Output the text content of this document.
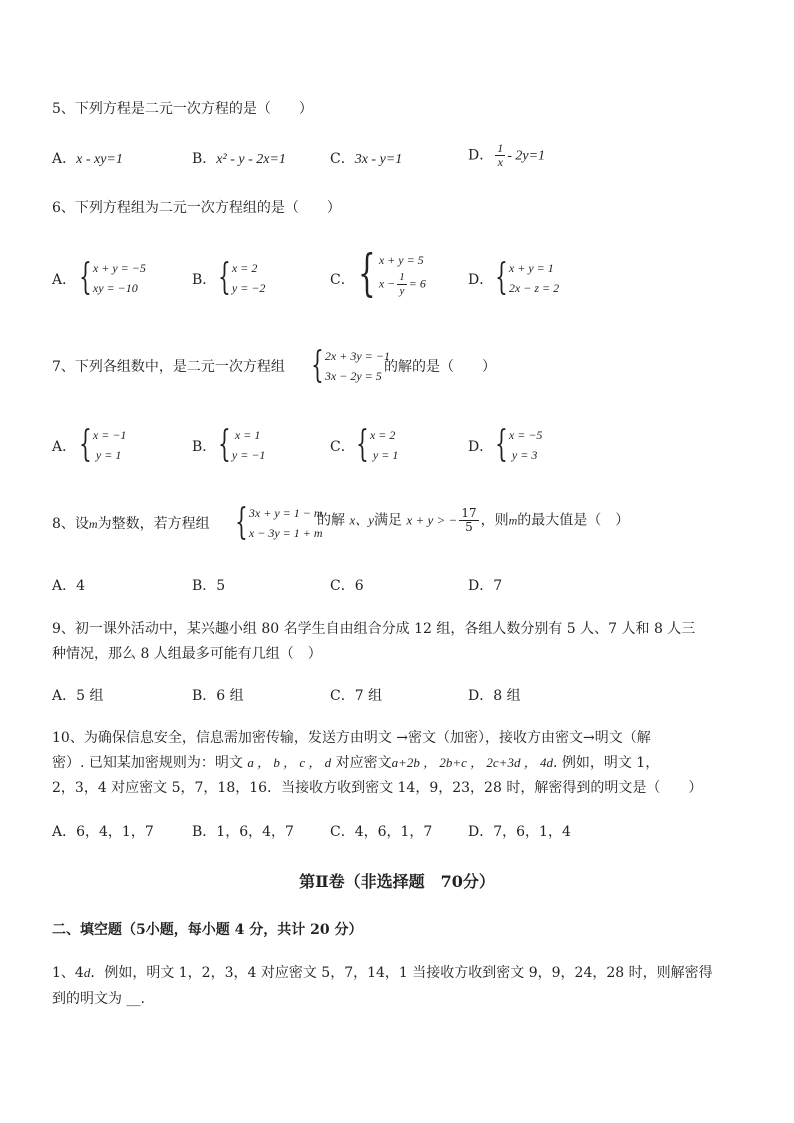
5、下列方程是二元一次方程的是（　　）
A．x - xy=1	B．x² - y - 2x=1	C．3x - y=1	D． $\frac{1}{x} - 2y=1$
6、下列方程组为二元一次方程组的是（　　）
A． { x + y = −5
xy = −10	B． { x = 2
y = −2	C． { x + y = 5
$x - \frac{1}{y} = 6$	D． { x + y = 1
2x − z = 2
7、下列各组数中，是二元一次方程组 { 2x + 3y = −1
3x − 2y = 5
的解的是（　　）
A． { x = −1
y = 1	B． { x = 1
y = −1	C． { x = 2
y = 1	D． { x = −5
y = 3
8、设m为整数，若方程组 { 3x + y = 1 − m
x − 3y = 1 + m
的解 x、y满足 x + y > − $\frac{17}{5}$ ，则m的最大值是（　）
A．4	B．5	C．6	D．7
9、初一课外活动中，某兴趣小组 80 名学生自由组合分成 12 组，各组人数分别有 5 人、7 人和 8 人三
种情况，那么 8 人组最多可能有几组（　）
A．5 组	B．6 组	C．7 组	D．8 组
10、为确保信息安全，信息需加密传输，发送方由明文 →密文（加密），接收方由密文→明文（解
密）. 已知某加密规则为：明文 a ， b ， c ， d 对应密文a+2b ， 2b+c ， 2c+3d ， 4d. 例如，明文 1，
2，3，4 对应密文 5，7，18，16．当接收方收到密文 14，9，23，28 时，解密得到的明文是（　　）
A．6，4，1，7	B．1，6，4，7	C．4，6，1，7	D．7，6，1，4
第Ⅱ卷（非选择题　70分）
二、填空题（5小题，每小题 4 分，共计 20 分）
1、4d．例如，明文 1，2，3，4 对应密文 5，7，14，1 当接收方收到密文 9，9，24，28 时，则解密得
到的明文为 __.
